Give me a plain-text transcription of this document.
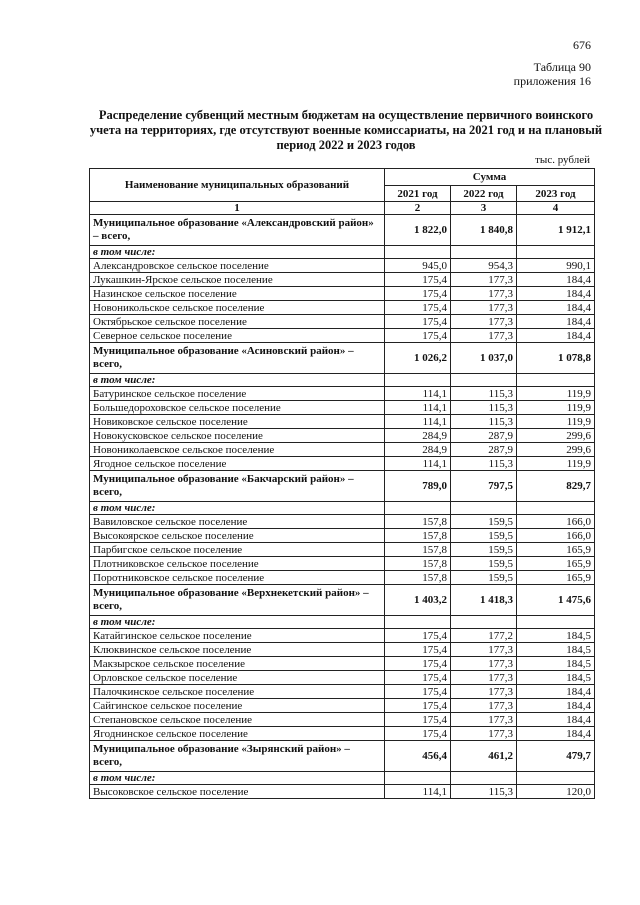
676
Таблица 90
приложения 16
Распределение субвенций местным бюджетам на осуществление первичного воинского учета на территориях, где отсутствуют военные комиссариаты, на 2021 год и на плановый период 2022 и 2023 годов
тыс. рублей
Наименование муниципальных образований	Сумма		
	2021 год	2022 год	2023 год
1	2	3	4
Муниципальное образование «Александровский район» – всего,	1 822,0	1 840,8	1 912,1
в том числе:			
Александровское сельское поселение	945,0	954,3	990,1
Лукашкин-Ярское сельское поселение	175,4	177,3	184,4
Назинское сельское поселение	175,4	177,3	184,4
Новоникольское сельское поселение	175,4	177,3	184,4
Октябрьское сельское поселение	175,4	177,3	184,4
Северное сельское поселение	175,4	177,3	184,4
Муниципальное образование «Асиновский район» – всего,	1 026,2	1 037,0	1 078,8
в том числе:			
Батуринское сельское поселение	114,1	115,3	119,9
Большедороховское сельское поселение	114,1	115,3	119,9
Новиковское сельское поселение	114,1	115,3	119,9
Новокусковское сельское поселение	284,9	287,9	299,6
Новониколаевское сельское поселение	284,9	287,9	299,6
Ягодное сельское поселение	114,1	115,3	119,9
Муниципальное образование «Бакчарский район» – всего,	789,0	797,5	829,7
в том числе:			
Вавиловское сельское поселение	157,8	159,5	166,0
Высокоярское сельское поселение	157,8	159,5	166,0
Парбигское сельское поселение	157,8	159,5	165,9
Плотниковское сельское поселение	157,8	159,5	165,9
Поротниковское сельское поселение	157,8	159,5	165,9
Муниципальное образование «Верхнекетский район» – всего,	1 403,2	1 418,3	1 475,6
в том числе:			
Катайгинское сельское поселение	175,4	177,2	184,5
Клюквинское сельское поселение	175,4	177,3	184,5
Макзырское сельское поселение	175,4	177,3	184,5
Орловское сельское поселение	175,4	177,3	184,5
Палочкинское сельское поселение	175,4	177,3	184,4
Сайгинское сельское поселение	175,4	177,3	184,4
Степановское сельское поселение	175,4	177,3	184,4
Ягоднинское сельское поселение	175,4	177,3	184,4
Муниципальное образование «Зырянский район» – всего,	456,4	461,2	479,7
в том числе:			
Высоковское сельское поселение	114,1	115,3	120,0
